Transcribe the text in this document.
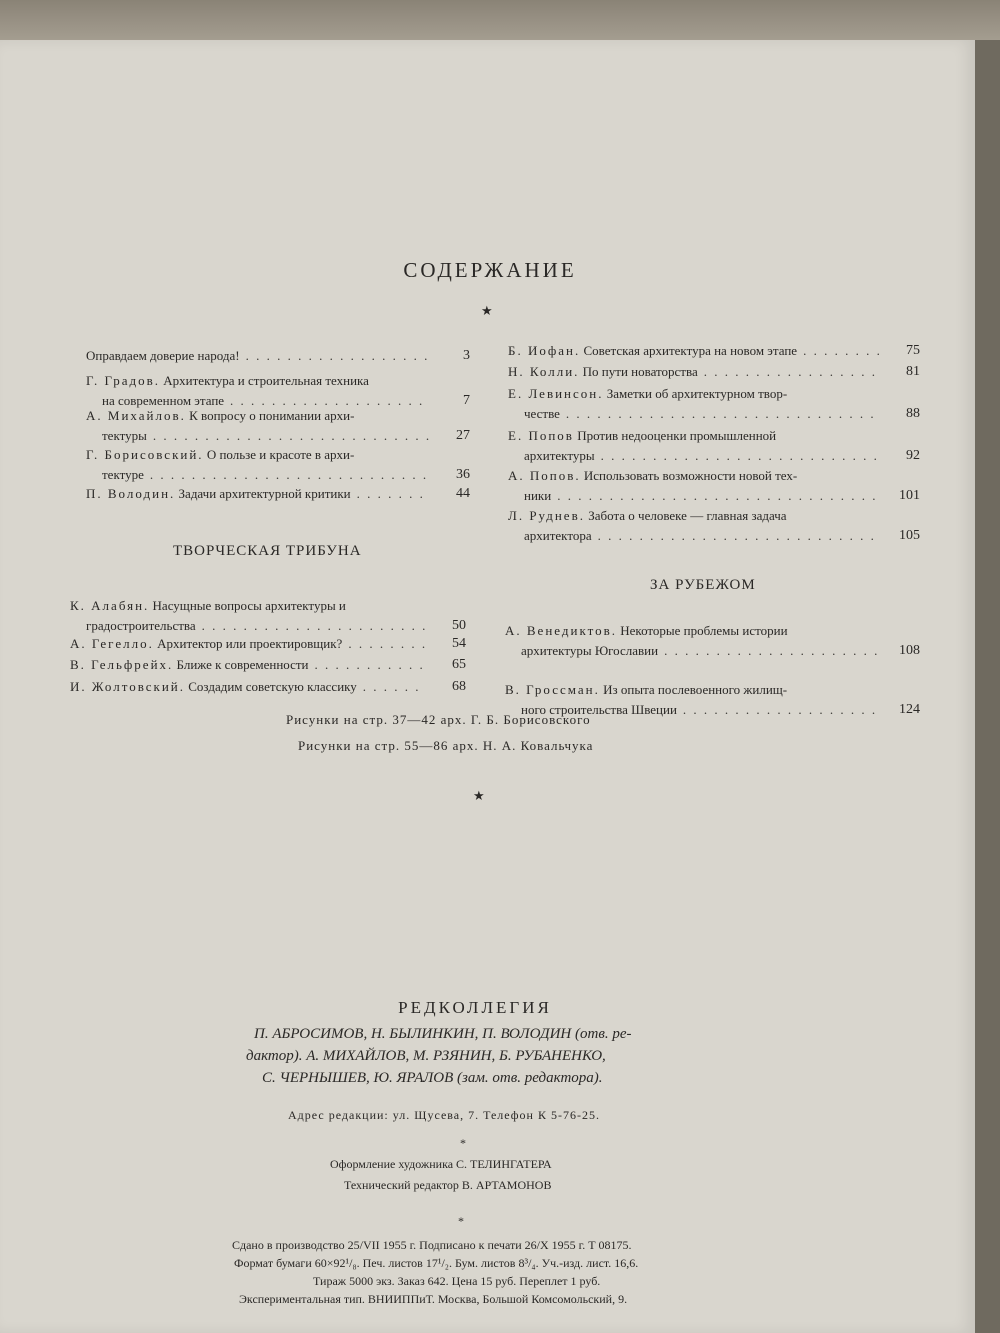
СОДЕРЖАНИЕ
★
Оправдаем доверие народа! . . .	3
Г. Градов. Архитектура и строительная техника
на современном этапе . . .	7
А. Михайлов. К вопросу о понимании архи-
тектуры . . .	27
Г. Борисовский. О пользе и красоте в архи-
тектуре . . .	36
П. Володин. Задачи архитектурной критики . . .	44
ТВОРЧЕСКАЯ ТРИБУНА
К. Алабян. Насущные вопросы архитектуры и
градостроительства . . .	50
А. Гегелло. Архитектор или проектировщик? . . .	54
В. Гельфрейх. Ближе к современности . . .	65
И. Жолтовский. Создадим советскую классику . . .	68
Б. Иофан. Советская архитектура на новом этапе . . .	75
Н. Колли. По пути новаторства . . .	81
Е. Левинсон. Заметки об архитектурном твор-
честве . . .	88
Е. Попов Против недооценки промышленной
архитектуры . . .	92
А. Попов. Использовать возможности новой тех-
ники . . .	101
Л. Руднев. Забота о человеке — главная задача
архитектора . . .	105
ЗА РУБЕЖОМ
А. Венедиктов. Некоторые проблемы истории
архитектуры Югославии . . .	108
В. Гроссман. Из опыта послевоенного жилищ-
ного строительства Швеции . . .	124
Рисунки на стр. 37—42 арх. Г. Б. Борисовского
Рисунки на стр. 55—86 арх. Н. А. Ковальчука
★
РЕДКОЛЛЕГИЯ
П. АБРОСИМОВ, Н. БЫЛИНКИН, П. ВОЛОДИН (отв. ре-
дактор). А. МИХАЙЛОВ, М. РЗЯНИН, Б. РУБАНЕНКО,
С. ЧЕРНЫШЕВ, Ю. ЯРАЛОВ (зам. отв. редактора).
Адрес редакции: ул. Щусева, 7. Телефон К 5-76-25.
*
Оформление художника С. ТЕЛИНГАТЕРА
Технический редактор В. АРТАМОНОВ
*
Сдано в производство 25/VII 1955 г. Подписано к печати 26/X 1955 г. Т 08175.
Формат бумаги 60×92¹/₈. Печ. листов 17¹/₂. Бум. листов 8³/₄. Уч.-изд. лист. 16,6.
Тираж 5000 экз. Заказ 642. Цена 15 руб. Переплет 1 руб.
Экспериментальная тип. ВНИИППиТ. Москва, Большой Комсомольский, 9.
